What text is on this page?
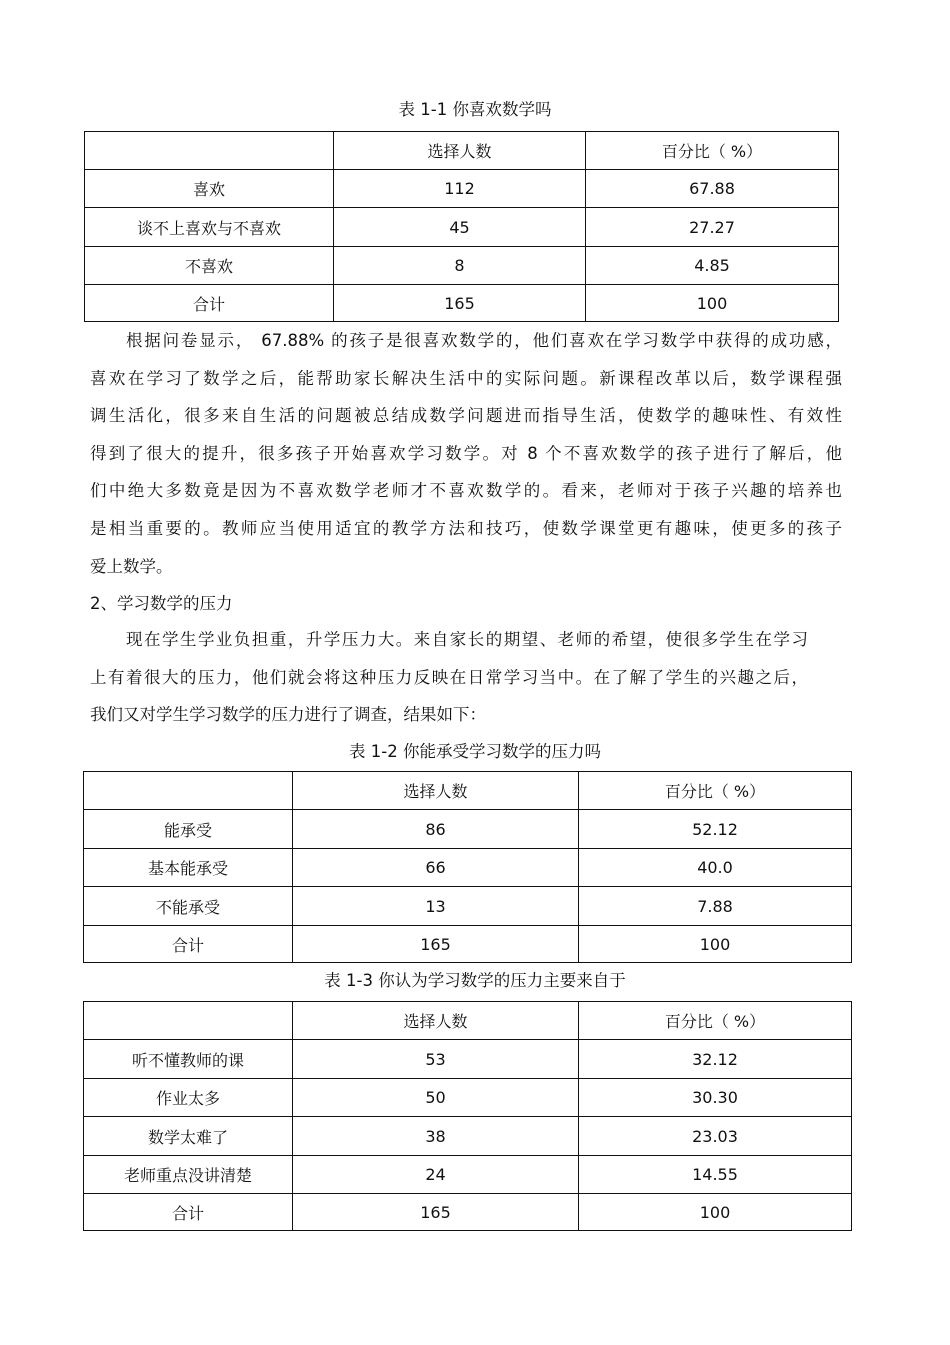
表 1-1 你喜欢数学吗
	选择人数	百分比（ %）
喜欢	112	67.88
谈不上喜欢与不喜欢	45	27.27
不喜欢	8	4.85
合计	165	100
根据问卷显示， 67.88% 的孩子是很喜欢数学的，他们喜欢在学习数学中获得的成功感，
喜欢在学习了数学之后，能帮助家长解决生活中的实际问题。新课程改革以后，数学课程强
调生活化，很多来自生活的问题被总结成数学问题进而指导生活，使数学的趣味性、有效性
得到了很大的提升，很多孩子开始喜欢学习数学。对 8 个不喜欢数学的孩子进行了解后，他
们中绝大多数竟是因为不喜欢数学老师才不喜欢数学的。看来，老师对于孩子兴趣的培养也
是相当重要的。教师应当使用适宜的教学方法和技巧，使数学课堂更有趣味，使更多的孩子
爱上数学。
2、学习数学的压力
现在学生学业负担重，升学压力大。来自家长的期望、老师的希望，使很多学生在学习
上有着很大的压力，他们就会将这种压力反映在日常学习当中。在了解了学生的兴趣之后，
我们又对学生学习数学的压力进行了调查，结果如下：
表 1-2 你能承受学习数学的压力吗
	选择人数	百分比（ %）
能承受	86	52.12
基本能承受	66	40.0
不能承受	13	7.88
合计	165	100
表 1-3 你认为学习数学的压力主要来自于
	选择人数	百分比（ %）
听不懂教师的课	53	32.12
作业太多	50	30.30
数学太难了	38	23.03
老师重点没讲清楚	24	14.55
合计	165	100
